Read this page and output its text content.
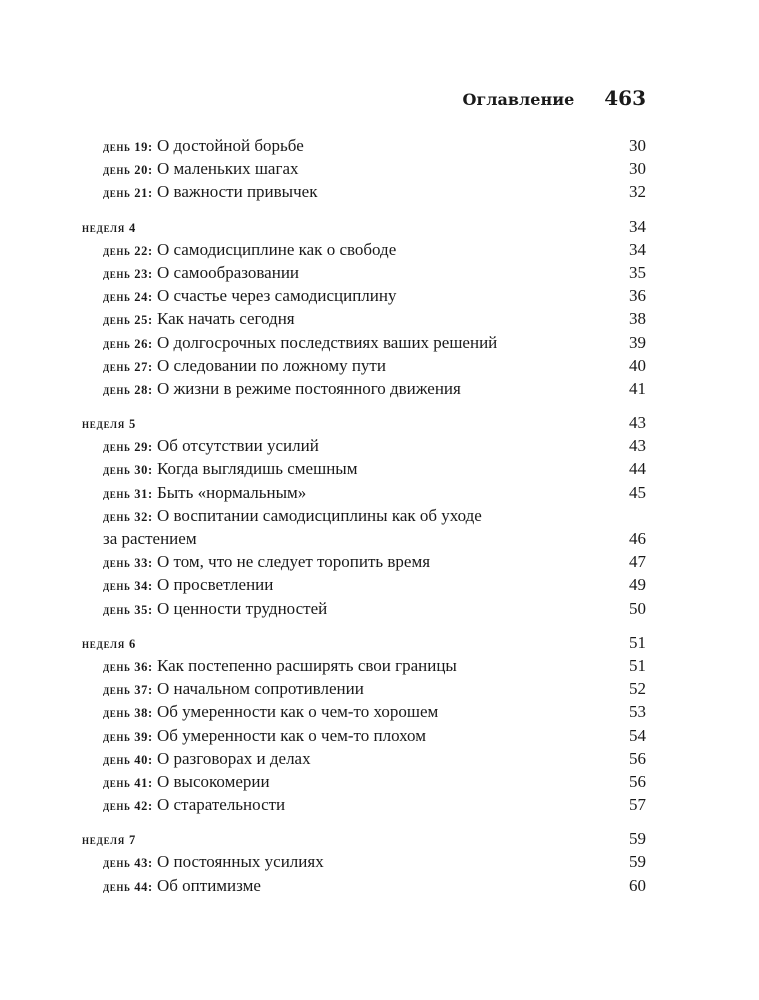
Оглавление 463
день 19: О достойной борьбе	30
день 20: О маленьких шагах	30
день 21: О важности привычек	32
неделя 4	34
день 22: О самодисциплине как о свободе	34
день 23: О самообразовании	35
день 24: О счастье через самодисциплину	36
день 25: Как начать сегодня	38
день 26: О долгосрочных последствиях ваших решений	39
день 27: О следовании по ложному пути	40
день 28: О жизни в режиме постоянного движения	41
неделя 5	43
день 29: Об отсутствии усилий	43
день 30: Когда выглядишь смешным	44
день 31: Быть «нормальным»	45
день 32: О воспитании самодисциплины как об уходе
за растением	46
день 33: О том, что не следует торопить время	47
день 34: О просветлении	49
день 35: О ценности трудностей	50
неделя 6	51
день 36: Как постепенно расширять свои границы	51
день 37: О начальном сопротивлении	52
день 38: Об умеренности как о чем-то хорошем	53
день 39: Об умеренности как о чем-то плохом	54
день 40: О разговорах и делах	56
день 41: О высокомерии	56
день 42: О старательности	57
неделя 7	59
день 43: О постоянных усилиях	59
день 44: Об оптимизме	60
